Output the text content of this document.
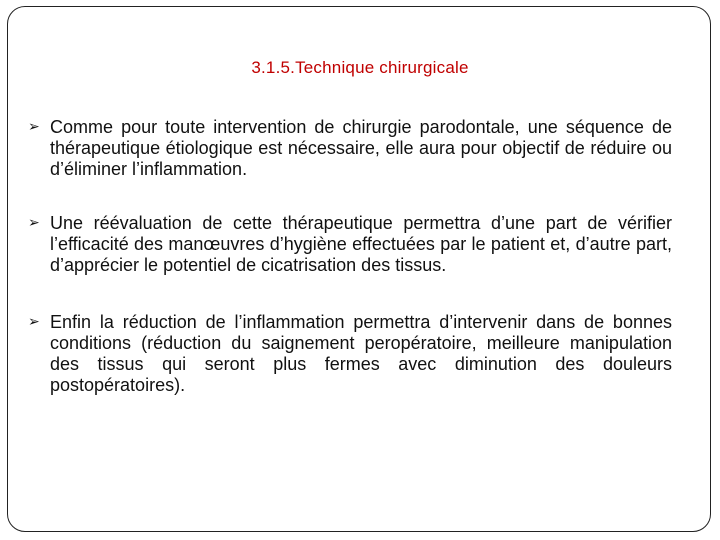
3.1.5.Technique chirurgicale
➢ Comme pour toute intervention de chirurgie parodontale, une séquence de thérapeutique étiologique est nécessaire, elle aura pour objectif de réduire ou d’éliminer l’inflammation.
➢ Une réévaluation de cette thérapeutique permettra d’une part de vérifier l’efficacité des manœuvres d’hygiène effectuées par le patient et, d’autre part, d’apprécier le potentiel de cicatrisation des tissus.
➢ Enfin la réduction de l’inflammation permettra d’intervenir dans de bonnes conditions (réduction du saignement peropératoire, meilleure manipulation des tissus qui seront plus fermes avec diminution des douleurs postopératoires).
